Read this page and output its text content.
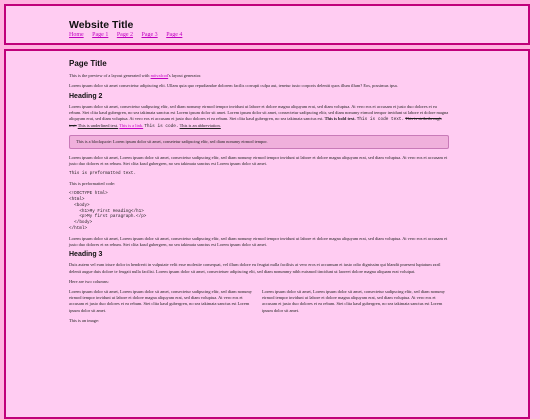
Website Title
Home Page 1 Page 2 Page 3 Page 4
Page Title

This is the preview of a layout generated with mitvalcod's layout generator.

Lorem ipsum dolor sit amet consectetur adipiscing elit. Ullam quia quo repudiandae dolorem facilis corrupti culpa aut, tenetur iusto corporis deleniti quos illum illum? Eos, possimus ipsa.

Heading 2

Lorem ipsum dolor sit amet, consectetur sadipscing elitr, sed diam nonumy eirmod tempor invidunt ut labore et dolore magna aliquyam erat, sed diam voluptua. At vero eos et accusam et justo duo dolores et ea rebum. Stet clita kasd gubergren, no sea takimata sanctus est Lorem ipsum dolor sit amet. Lorem ipsum dolor sit amet, consectetur sadipscing elitr, sed diam nonumy eirmod tempor invidunt ut labore et dolore magna aliquyam erat, sed diam voluptua. At vero eos et accusam et justo duo dolores et ea rebum. Stet clita kasd gubergren, no sea takimata sanctus est. This is bold text. This is code text. This is strikethrough text. This is underlined text. This is a link. This is code. This is an abbreviation.

This is a blockquote: Lorem ipsum dolor sit amet, consetetur sadipscing elitr, sed diam nonumy eirmod tempor.

Lorem ipsum dolor sit amet, Lorem ipsum dolor sit amet, consectetur sadipscing elitr, sed diam nonumy eirmod tempor invidunt ut labore et dolore magna aliquyam erat, sed diam voluptua. At vero eos et accusam et justo duo dolores et ea rebum. Stet clita kasd gubergren, no sea takimata sanctus est Lorem ipsum dolor sit amet.

This is preformatted text.

This is preformatted code:

<!DOCTYPE html>
<html>
<body>
<h1>My First Heading</h1>
<p>My first paragraph.</p>
</body>
</html>

Lorem ipsum dolor sit amet, Lorem ipsum dolor sit amet, consectetur sadipscing elitr, sed diam nonumy eirmod tempor invidunt ut labore et dolore magna aliquyam erat, sed diam voluptua. At vero eos et accusam et justo duo dolores et ea rebum. Stet clita kasd gubergren, no sea takimata sanctus est Lorem ipsum dolor sit amet.

Heading 3

Duis autem vel eum iriure dolor in hendrerit in vulputate velit esse molestie consequat, vel illum dolore eu feugiat nulla facilisis at vero eros et accumsan et iusto odio dignissim qui blandit praesent luptatum zzril delenit augue duis dolore te feugait nulla facilisi. Lorem ipsum dolor sit amet, consectetuer adipiscing elit, sed diam nonummy nibh euismod tincidunt ut laoreet dolore magna aliquam erat volutpat.

Here are two columns:

Lorem ipsum dolor sit amet, Lorem ipsum dolor sit amet, consectetur sadipscing elitr, sed diam nonumy eirmod tempor invidunt ut labore et dolore magna aliquyam erat, sed diam voluptua. At vero eos et accusam et justo duo dolores et ea rebum. Stet clita kasd gubergren, no sea takimata sanctus est Lorem ipsum dolor sit amet.

Lorem ipsum dolor sit amet, Lorem ipsum dolor sit amet, consectetur sadipscing elitr, sed diam nonumy eirmod tempor invidunt ut labore et dolore magna aliquyam erat, sed diam voluptua. At vero eos et accusam et justo duo dolores et ea rebum. Stet clita kasd gubergren, no sea takimata sanctus est Lorem ipsum dolor sit amet.

This is an image:
